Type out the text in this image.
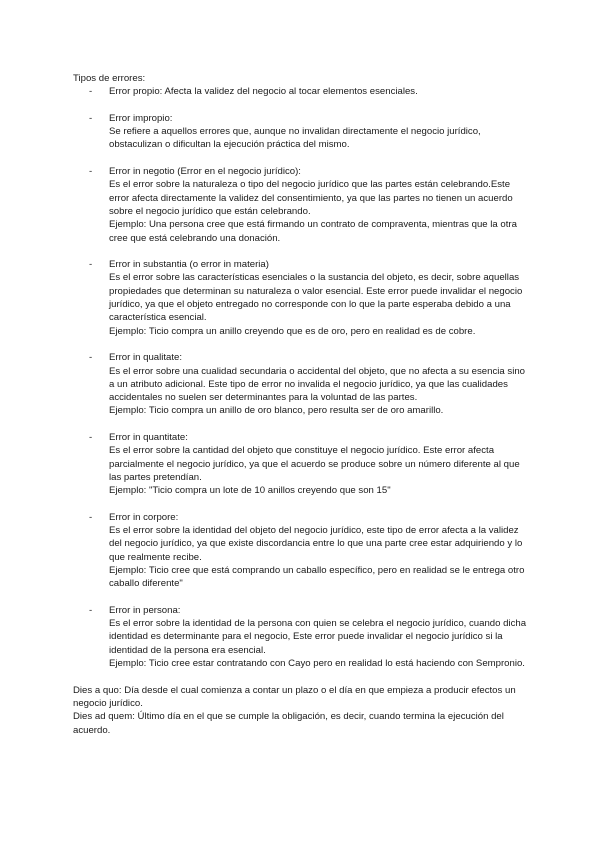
Tipos de errores:
- Error propio: Afecta la validez del negocio al tocar elementos esenciales.
- Error impropio:
Se refiere a aquellos errores que, aunque no invalidan directamente el negocio jurídico, obstaculizan o dificultan la ejecución práctica del mismo.
- Error in negotio (Error en el negocio jurídico):
Es el error sobre la naturaleza o tipo del negocio jurídico que las partes están celebrando.Este error afecta directamente la validez del consentimiento, ya que las partes no tienen un acuerdo sobre el negocio jurídico que están celebrando.
Ejemplo: Una persona cree que está firmando un contrato de compraventa, mientras que la otra cree que está celebrando una donación.
- Error in substantia (o error in materia)
Es el error sobre las características esenciales o la sustancia del objeto, es decir, sobre aquellas propiedades que determinan su naturaleza o valor esencial. Este error puede invalidar el negocio jurídico, ya que el objeto entregado no corresponde con lo que la parte esperaba debido a una característica esencial.
Ejemplo: Ticio compra un anillo creyendo que es de oro, pero en realidad es de cobre.
- Error in qualitate:
Es el error sobre una cualidad secundaria o accidental del objeto, que no afecta a su esencia sino a un atributo adicional. Este tipo de error no invalida el negocio jurídico, ya que las cualidades accidentales no suelen ser determinantes para la voluntad de las partes.
Ejemplo: Ticio compra un anillo de oro blanco, pero resulta ser de oro amarillo.
- Error in quantitate:
Es el error sobre la cantidad del objeto que constituye el negocio jurídico. Este error afecta parcialmente el negocio jurídico, ya que el acuerdo se produce sobre un número diferente al que las partes pretendían.
Ejemplo: "Ticio compra un lote de 10 anillos creyendo que son 15"
- Error in corpore:
Es el error sobre la identidad del objeto del negocio jurídico, este tipo de error afecta a la validez del negocio jurídico, ya que existe discordancia entre lo que una parte cree estar adquiriendo y lo que realmente recibe.
Ejemplo: Ticio cree que está comprando un caballo específico, pero en realidad se le entrega otro caballo diferente"
- Error in persona:
Es el error sobre la identidad de la persona con quien se celebra el negocio jurídico, cuando dicha identidad es determinante para el negocio, Este error puede invalidar el negocio jurídico si la identidad de la persona era esencial.
Ejemplo: Ticio cree estar contratando con Cayo pero en realidad lo está haciendo con Sempronio.

Dies a quo: Día desde el cual comienza a contar un plazo o el día en que empieza a producir efectos un negocio jurídico.

Dies ad quem: Último día en el que se cumple la obligación, es decir, cuando termina la ejecución del acuerdo.
